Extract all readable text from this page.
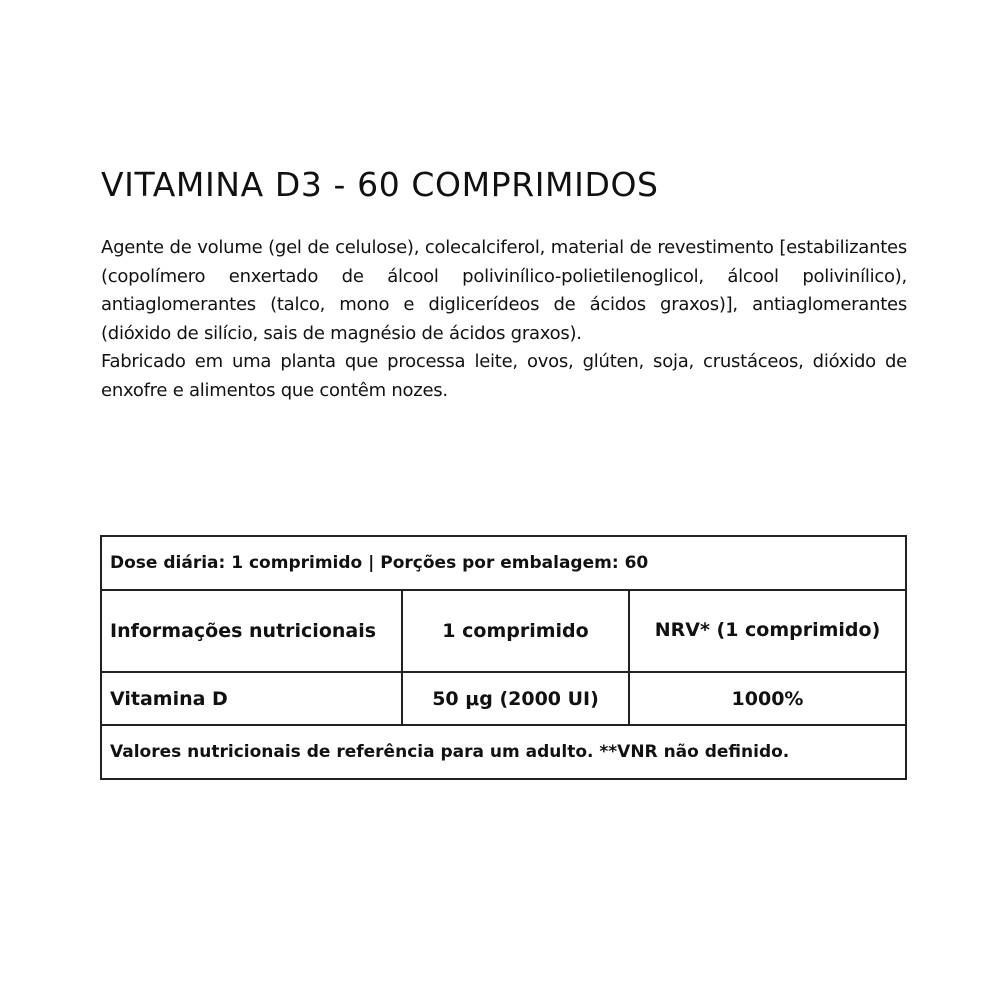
VITAMINA D3 - 60 COMPRIMIDOS

Agente de volume (gel de celulose), colecalciferol, material de revestimento [estabilizantes (copolímero enxertado de álcool polivinílico-polietilenoglicol, álcool polivinílico), antiaglomerantes (talco, mono e diglicerídeos de ácidos graxos)], antiaglomerantes (dióxido de silício, sais de magnésio de ácidos graxos).

Fabricado em uma planta que processa leite, ovos, glúten, soja, crustáceos, dióxido de enxofre e alimentos que contêm nozes.

Dose diária: 1 comprimido | Porções por embalagem: 60		
Informações nutricionais	1 comprimido	NRV* (1 comprimido)

Vitamina D	50 μg (2000 UI)	1000%
Valores nutricionais de referência para um adulto. **VNR não definido.		
